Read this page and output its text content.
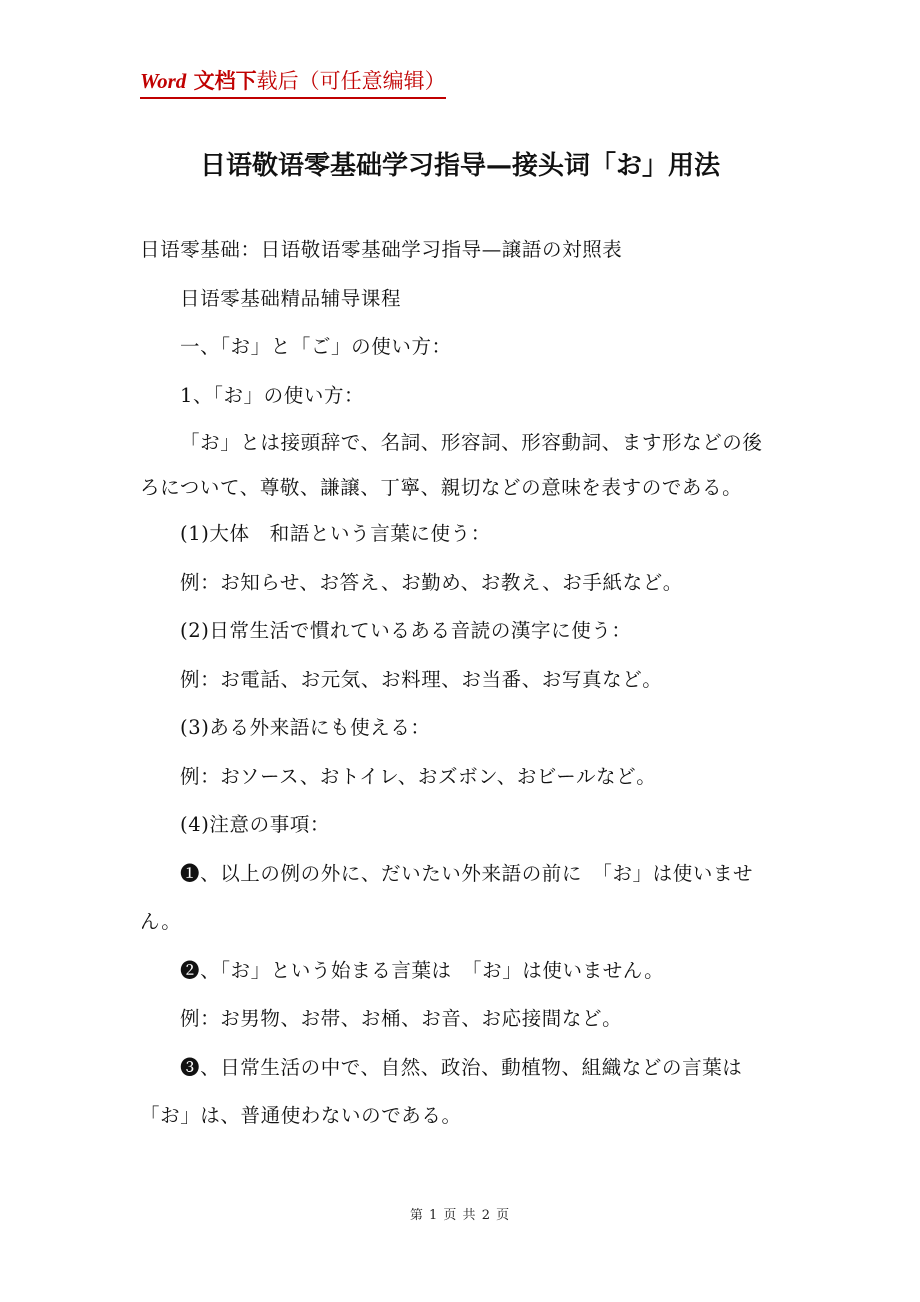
Word 文档下载后（可任意编辑）
日语敬语零基础学习指导—接头词「お」用法

日语零基础：日语敬语零基础学习指导—譲語の対照表

日语零基础精品辅导课程

一、「お」と「ご」の使い方：

1、「お」の使い方：

「お」とは接頭辞で、名詞、形容詞、形容動詞、ます形などの後ろについて、尊敬、謙譲、丁寧、親切などの意味を表すのである。

(1)大体　和語という言葉に使う：

例：お知らせ、お答え、お勤め、お教え、お手紙など。

(2)日常生活で慣れているある音読の漢字に使う：

例：お電話、お元気、お料理、お当番、お写真など。

(3)ある外来語にも使える：

例：おソース、おトイレ、おズボン、おビールなど。

(4)注意の事項：

❶、以上の例の外に、だいたい外来語の前に　「お」は使いません。

❷、「お」という始まる言葉は　「お」は使いません。

例：お男物、お帯、お桶、お音、お応接間など。

❸、日常生活の中で、自然、政治、動植物、組織などの言葉は　「お」は、普通使わないのである。

第 1 页 共 2 页
